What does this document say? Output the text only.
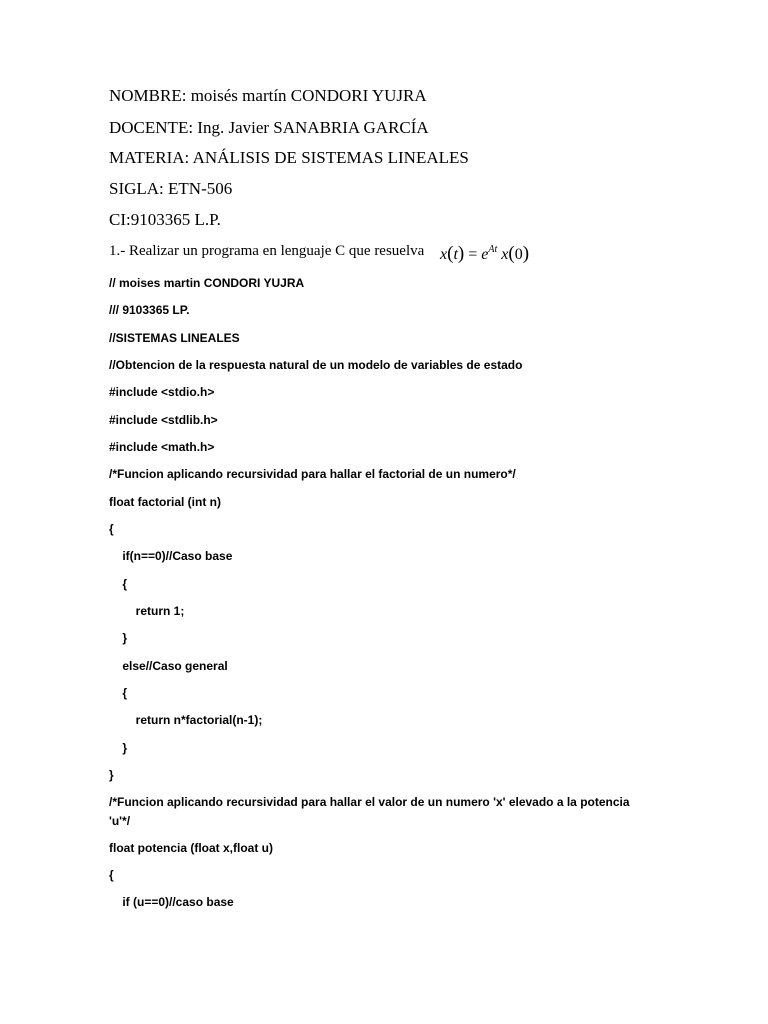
NOMBRE: moisés martín CONDORI YUJRA
DOCENTE: Ing. Javier SANABRIA GARCÍA
MATERIA: ANÁLISIS DE SISTEMAS LINEALES
SIGLA: ETN-506
CI:9103365 L.P.
1.- Realizar un programa en lenguaje C que resuelva $x(t) = e^{At}$ x(0)
// moises martin CONDORI YUJRA
/// 9103365 LP.
//SISTEMAS LINEALES
//Obtencion de la respuesta natural de un modelo de variables de estado
#include <stdio.h>
#include <stdlib.h>
#include <math.h>
/*Funcion aplicando recursividad para hallar el factorial de un numero*/
float factorial (int n)
{
if(n==0)//Caso base
{
return 1;
}
else//Caso general
{
return n*factorial(n-1);
}
}
/*Funcion aplicando recursividad para hallar el valor de un numero 'x' elevado a la potencia
'u'*/
float potencia (float x,float u)
{
if (u==0)//caso base
